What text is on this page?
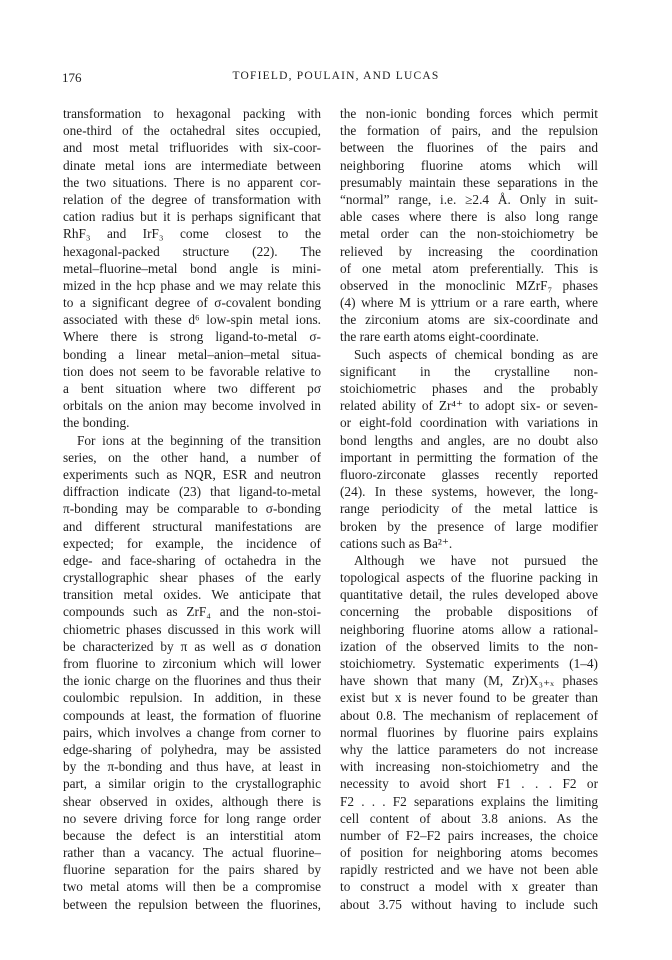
176	TOFIELD, POULAIN, AND LUCAS
transformation to hexagonal packing with
one-third of the octahedral sites occupied,
and most metal trifluorides with six-coor-
dinate metal ions are intermediate between
the two situations. There is no apparent cor-
relation of the degree of transformation with
cation radius but it is perhaps significant that
RhF₃ and IrF₃ come closest to the
hexagonal-packed structure (22). The
metal–fluorine–metal bond angle is mini-
mized in the hcp phase and we may relate this
to a significant degree of σ-covalent bonding
associated with these d⁶ low-spin metal ions.
Where there is strong ligand-to-metal σ-
bonding a linear metal–anion–metal situa-
tion does not seem to be favorable relative to
a bent situation where two different pσ
orbitals on the anion may become involved in
the bonding.
For ions at the beginning of the transition
series, on the other hand, a number of
experiments such as NQR, ESR and neutron
diffraction indicate (23) that ligand-to-metal
π-bonding may be comparable to σ-bonding
and different structural manifestations are
expected; for example, the incidence of
edge- and face-sharing of octahedra in the
crystallographic shear phases of the early
transition metal oxides. We anticipate that
compounds such as ZrF₄ and the non-stoi-
chiometric phases discussed in this work will
be characterized by π as well as σ donation
from fluorine to zirconium which will lower
the ionic charge on the fluorines and thus their
coulombic repulsion. In addition, in these
compounds at least, the formation of fluorine
pairs, which involves a change from corner to
edge-sharing of polyhedra, may be assisted
by the π-bonding and thus have, at least in
part, a similar origin to the crystallographic
shear observed in oxides, although there is
no severe driving force for long range order
because the defect is an interstitial atom
rather than a vacancy. The actual fluorine–
fluorine separation for the pairs shared by
two metal atoms will then be a compromise
between the repulsion between the fluorines,
the non-ionic bonding forces which permit
the formation of pairs, and the repulsion
between the fluorines of the pairs and
neighboring fluorine atoms which will
presumably maintain these separations in the
“normal” range, i.e. ≥2.4 Å. Only in suit-
able cases where there is also long range
metal order can the non-stoichiometry be
relieved by increasing the coordination
of one metal atom preferentially. This is
observed in the monoclinic MZrF₇ phases
(4) where M is yttrium or a rare earth, where
the zirconium atoms are six-coordinate and
the rare earth atoms eight-coordinate.
Such aspects of chemical bonding as are
significant in the crystalline non-
stoichiometric phases and the probably
related ability of Zr⁴⁺ to adopt six- or seven-
or eight-fold coordination with variations in
bond lengths and angles, are no doubt also
important in permitting the formation of the
fluoro-zirconate glasses recently reported
(24). In these systems, however, the long-
range periodicity of the metal lattice is
broken by the presence of large modifier
cations such as Ba²⁺.
Although we have not pursued the
topological aspects of the fluorine packing in
quantitative detail, the rules developed above
concerning the probable dispositions of
neighboring fluorine atoms allow a rational-
ization of the observed limits to the non-
stoichiometry. Systematic experiments (1–4)
have shown that many (M, Zr)X₃₊ₓ phases
exist but x is never found to be greater than
about 0.8. The mechanism of replacement of
normal fluorines by fluorine pairs explains
why the lattice parameters do not increase
with increasing non-stoichiometry and the
necessity to avoid short F1 . . . F2 or
F2 . . . F2 separations explains the limiting
cell content of about 3.8 anions. As the
number of F2–F2 pairs increases, the choice
of position for neighboring atoms becomes
rapidly restricted and we have not been able
to construct a model with x greater than
about 3.75 without having to include such
